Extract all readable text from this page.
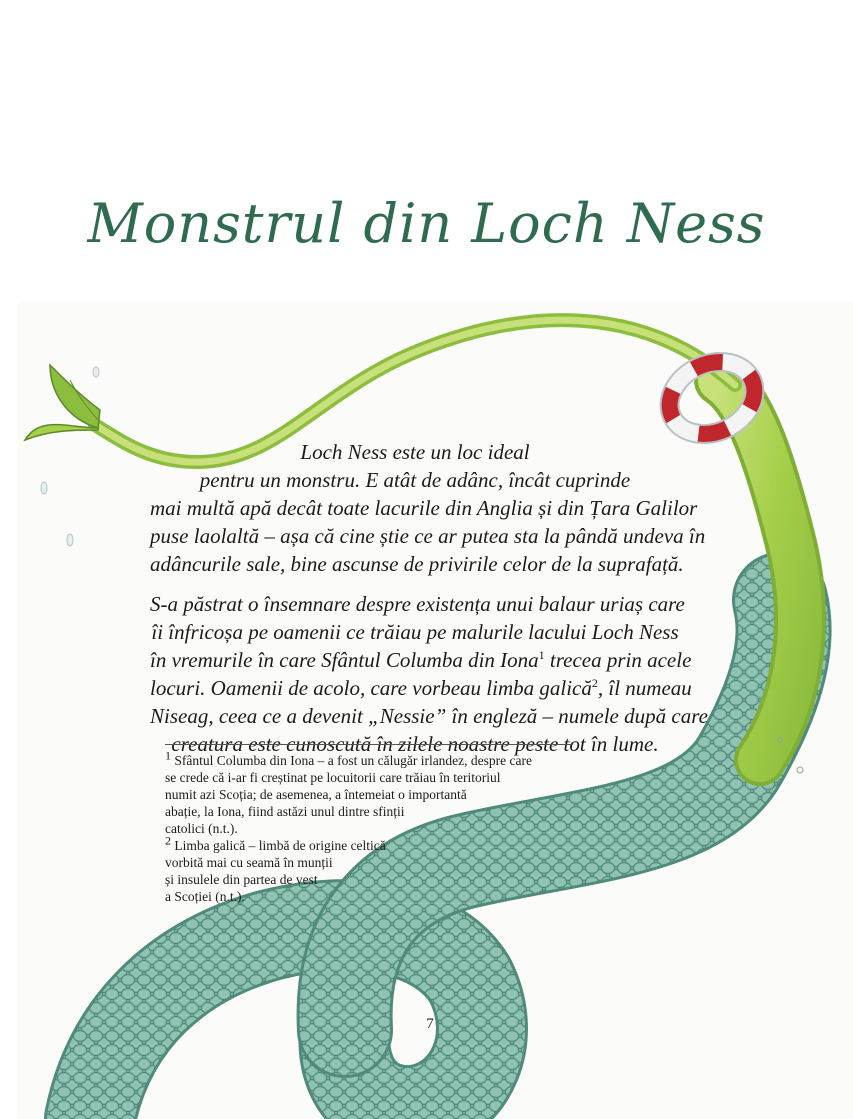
Monstrul din Loch Ness

Loch Ness este un loc ideal
pentru un monstru. E atât de adânc, încât cuprinde
mai multă apă decât toate lacurile din Anglia și din Țara Galilor
puse laolaltă – așa că cine știe ce ar putea sta la pândă undeva în
adâncurile sale, bine ascunse de privirile celor de la suprafață.

S-a păstrat o însemnare despre existența unui balaur uriaș care
îi înfricoșa pe oamenii ce trăiau pe malurile lacului Loch Ness
în vremurile în care Sfântul Columba din Iona$^1$ trecea prin acele
locuri. Oamenii de acolo, care vorbeau limba galică$^2$, îl numeau
Niseag, ceea ce a devenit „Nessie” în engleză – numele după care
creatura este cunoscută în zilele noastre peste tot în lume.

$^1$ Sfântul Columba din Iona – a fost un călugăr irlandez, despre care
se crede că i-ar fi creștinat pe locuitorii care trăiau în teritoriul
numit azi Scoția; de asemenea, a întemeiat o importantă
abație, la Iona, fiind astăzi unul dintre sfinții
catolici (n.t.).
$^2$ Limba galică – limbă de origine celtică
vorbită mai cu seamă în munții
și insulele din partea de vest
a Scoției (n.t.).
7
